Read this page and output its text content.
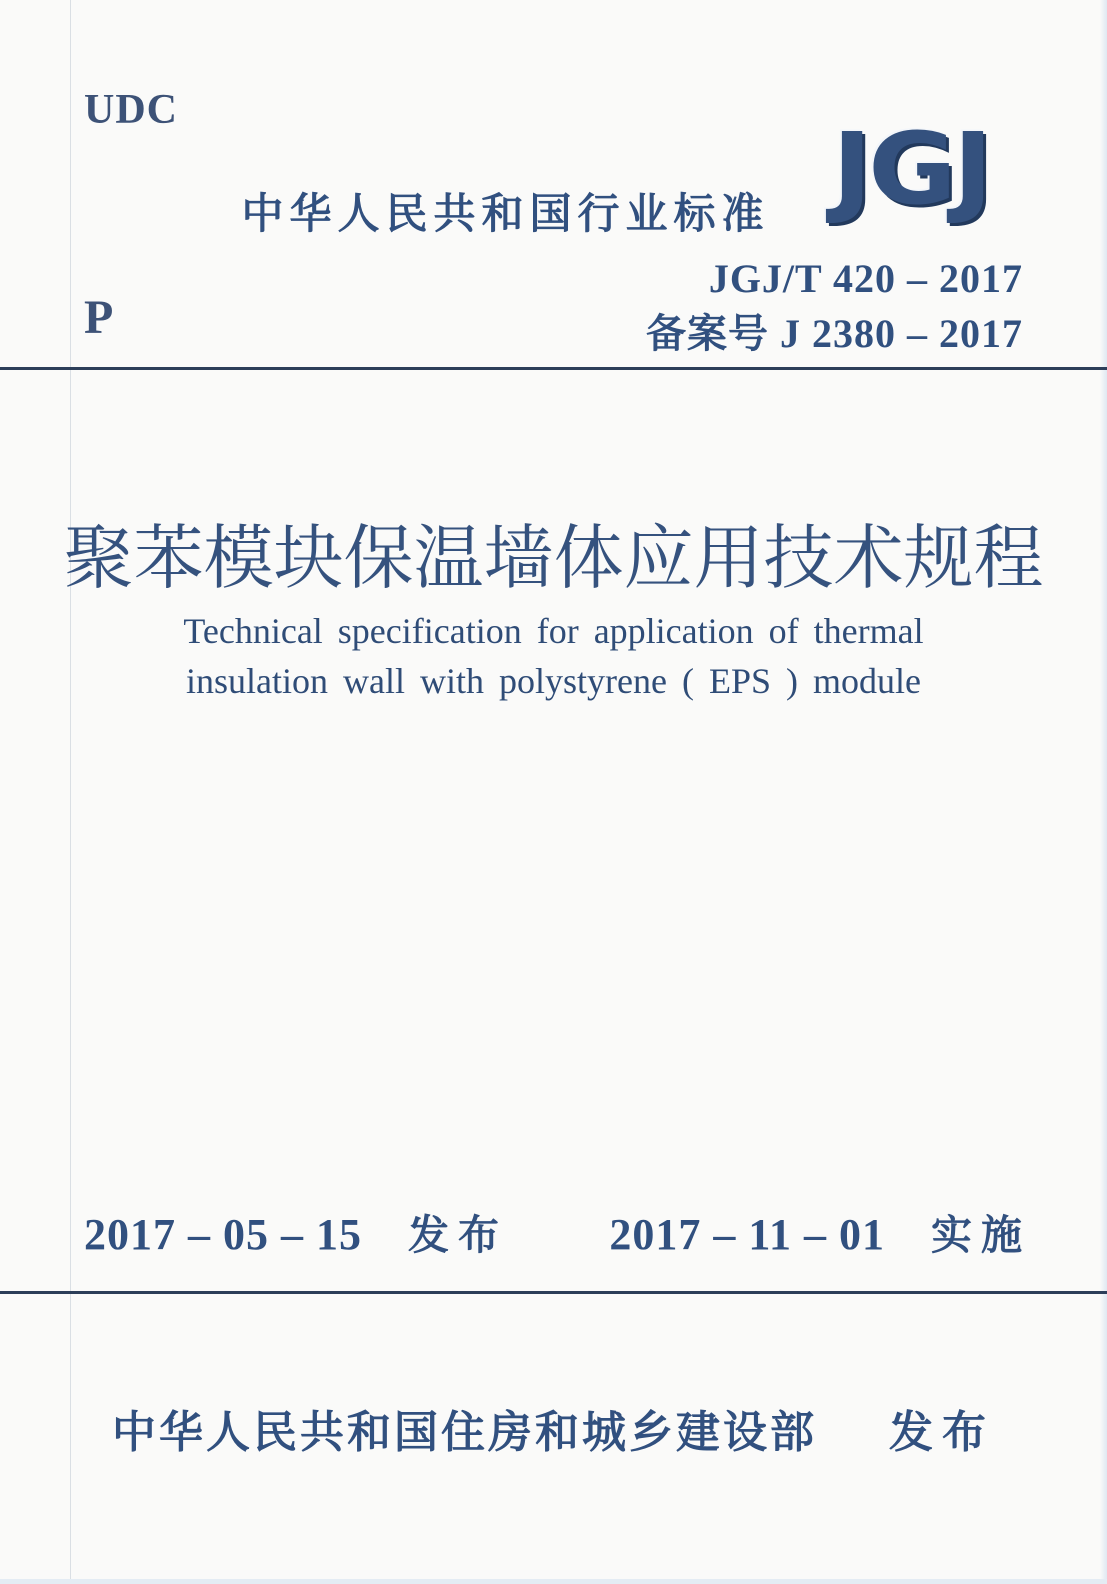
UDC
中华人民共和国行业标准 JGJ
JGJ/T 420 – 2017
备案号 J 2380 – 2017
P
聚苯模块保温墙体应用技术规程
Technical specification for application of thermal
insulation wall with polystyrene ( EPS ) module
2017 – 05 – 15 发布 2017 – 11 – 01 实施
中华人民共和国住房和城乡建设部 发布
